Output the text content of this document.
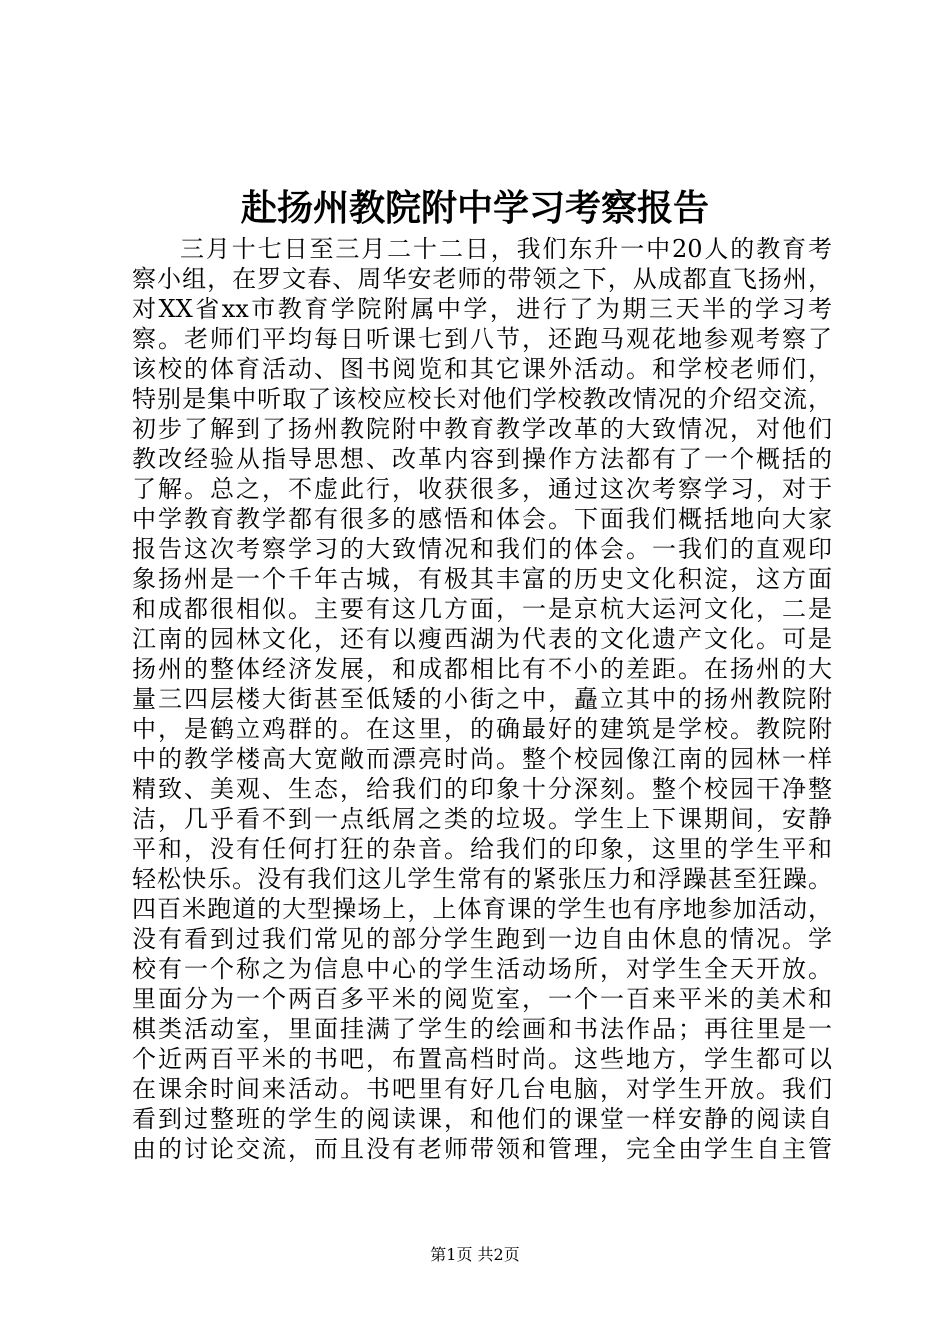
赴扬州教院附中学习考察报告
三月十七日至三月二十二日，我们东升一中20人的教育考
察小组，在罗文春、周华安老师的带领之下，从成都直飞扬州，
对XX省xx市教育学院附属中学，进行了为期三天半的学习考
察。老师们平均每日听课七到八节，还跑马观花地参观考察了
该校的体育活动、图书阅览和其它课外活动。和学校老师们，
特别是集中听取了该校应校长对他们学校教改情况的介绍交流，
初步了解到了扬州教院附中教育教学改革的大致情况，对他们
教改经验从指导思想、改革内容到操作方法都有了一个概括的
了解。总之，不虚此行，收获很多，通过这次考察学习，对于
中学教育教学都有很多的感悟和体会。下面我们概括地向大家
报告这次考察学习的大致情况和我们的体会。一我们的直观印
象扬州是一个千年古城，有极其丰富的历史文化积淀，这方面
和成都很相似。主要有这几方面，一是京杭大运河文化，二是
江南的园林文化，还有以瘦西湖为代表的文化遗产文化。可是
扬州的整体经济发展，和成都相比有不小的差距。在扬州的大
量三四层楼大街甚至低矮的小街之中，矗立其中的扬州教院附
中，是鹤立鸡群的。在这里，的确最好的建筑是学校。教院附
中的教学楼高大宽敞而漂亮时尚。整个校园像江南的园林一样
精致、美观、生态，给我们的印象十分深刻。整个校园干净整
洁，几乎看不到一点纸屑之类的垃圾。学生上下课期间，安静
平和，没有任何打狂的杂音。给我们的印象，这里的学生平和
轻松快乐。没有我们这儿学生常有的紧张压力和浮躁甚至狂躁。
四百米跑道的大型操场上，上体育课的学生也有序地参加活动，
没有看到过我们常见的部分学生跑到一边自由休息的情况。学
校有一个称之为信息中心的学生活动场所，对学生全天开放。
里面分为一个两百多平米的阅览室，一个一百来平米的美术和
棋类活动室，里面挂满了学生的绘画和书法作品；再往里是一
个近两百平米的书吧，布置高档时尚。这些地方，学生都可以
在课余时间来活动。书吧里有好几台电脑，对学生开放。我们
看到过整班的学生的阅读课，和他们的课堂一样安静的阅读自
由的讨论交流，而且没有老师带领和管理，完全由学生自主管
第1页 共2页
